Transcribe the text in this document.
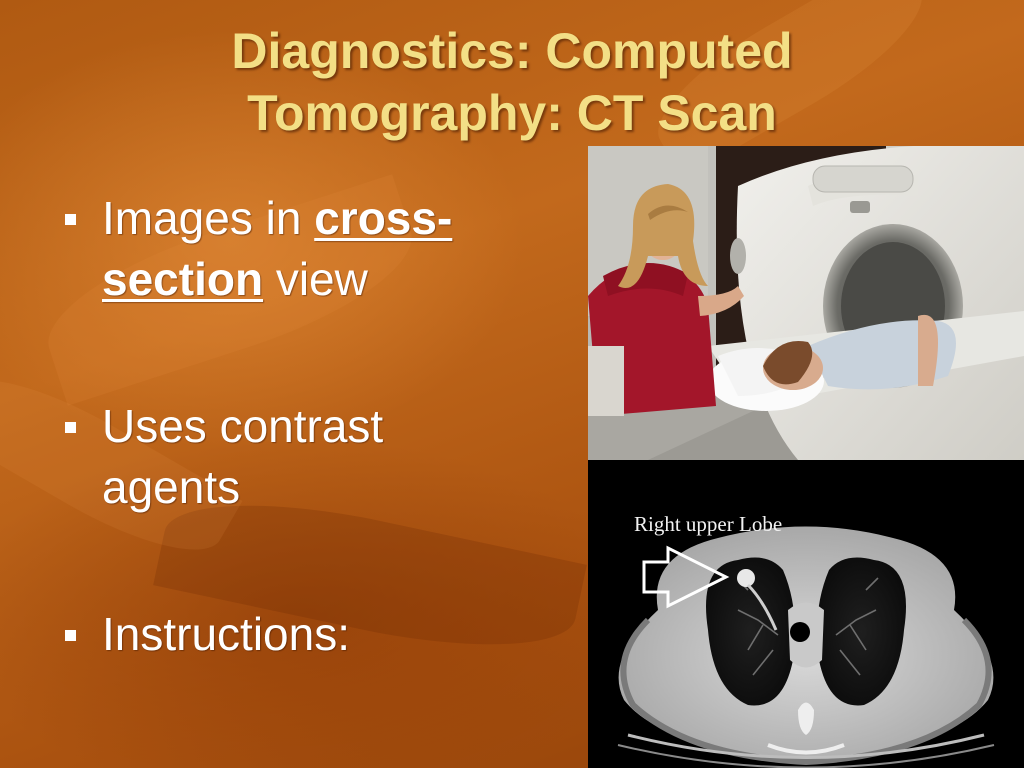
Diagnostics: Computed
Tomography: CT Scan
Images in cross-
section view
Uses contrast
agents
Instructions:
Right upper Lobe
